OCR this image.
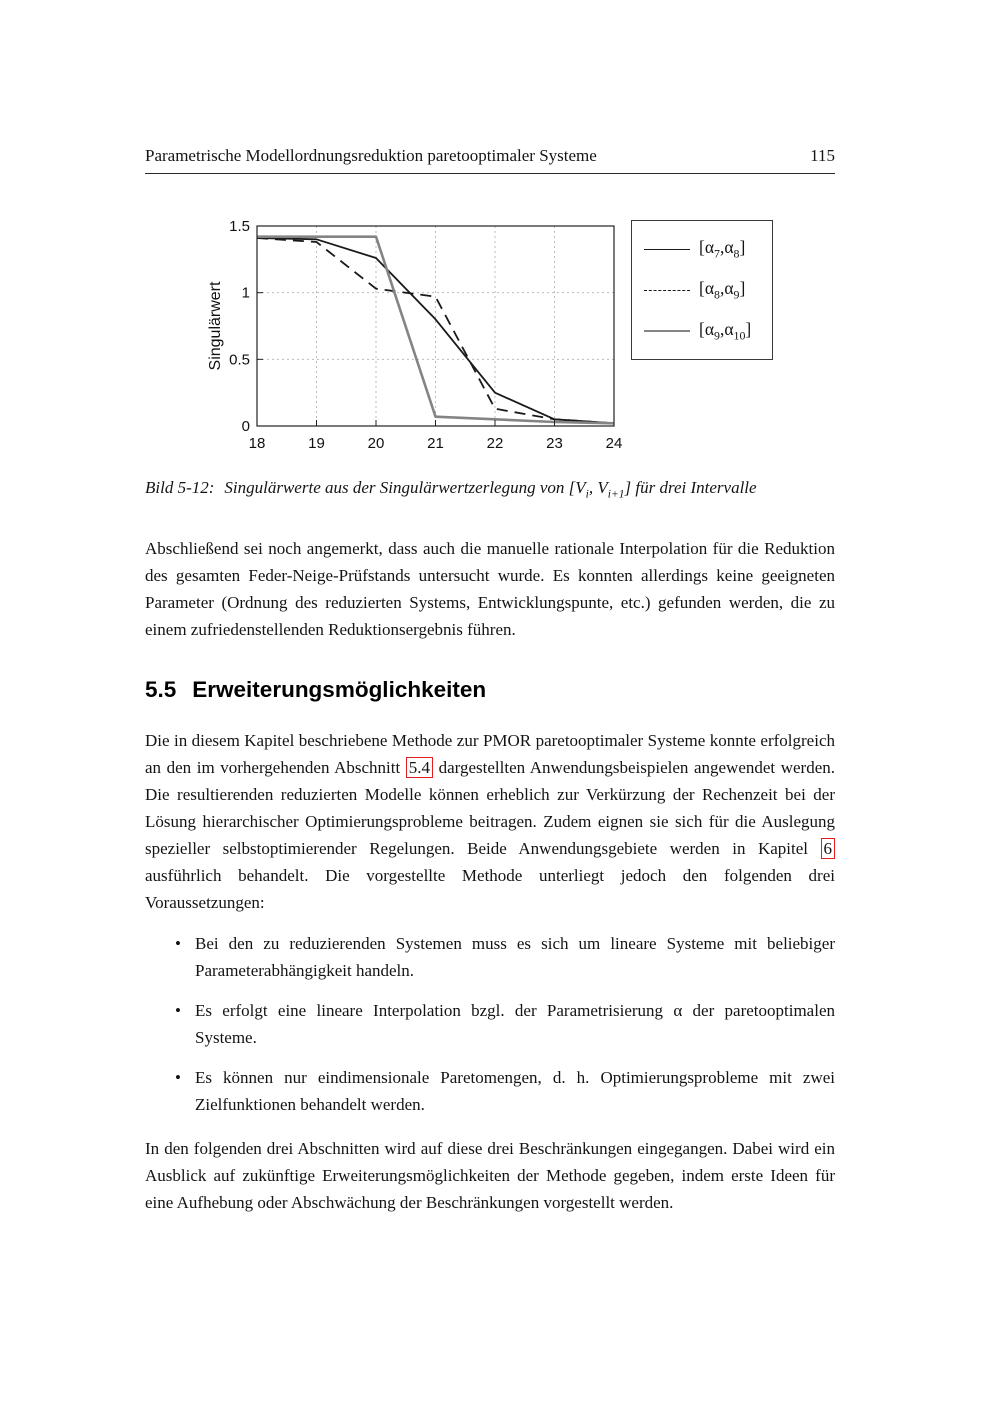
Parametrische Modellordnungsreduktion paretooptimaler Systeme	115
18	19	20	21	22	23	24
0
0.5
1
1.5
Singulärwert
$[\alpha_7,\alpha_8]$
$[\alpha_8,\alpha_9]$
$[\alpha_9,\alpha_{10}]$
Bild 5-12: Singulärwerte aus der Singulärwertzerlegung von [$V_i$, $V_{i+1}$] für drei Intervalle

Abschließend sei noch angemerkt, dass auch die manuelle rationale Interpolation für die Reduktion des gesamten Feder-Neige-Prüfstands untersucht wurde. Es konnten allerdings keine geeigneten Parameter (Ordnung des reduzierten Systems, Entwicklungspunte, etc.) gefunden werden, die zu einem zufriedenstellenden Reduktionsergebnis führen.

5.5 Erweiterungsmöglichkeiten

Die in diesem Kapitel beschriebene Methode zur PMOR paretooptimaler Systeme konnte erfolgreich an den im vorhergehenden Abschnitt 5.4 dargestellten Anwendungsbeispielen angewendet werden. Die resultierenden reduzierten Modelle können erheblich zur Verkürzung der Rechenzeit bei der Lösung hierarchischer Optimierungsprobleme beitragen. Zudem eignen sie sich für die Auslegung spezieller selbstoptimierender Regelungen. Beide Anwendungsgebiete werden in Kapitel 6 ausführlich behandelt. Die vorgestellte Methode unterliegt jedoch den folgenden drei Voraussetzungen:

• Bei den zu reduzierenden Systemen muss es sich um lineare Systeme mit beliebiger Parameterabhängigkeit handeln.
• Es erfolgt eine lineare Interpolation bzgl. der Parametrisierung α der paretooptimalen Systeme.
• Es können nur eindimensionale Paretomengen, d. h. Optimierungsprobleme mit zwei Zielfunktionen behandelt werden.

In den folgenden drei Abschnitten wird auf diese drei Beschränkungen eingegangen. Dabei wird ein Ausblick auf zukünftige Erweiterungsmöglichkeiten der Methode gegeben, indem erste Ideen für eine Aufhebung oder Abschwächung der Beschränkungen vorgestellt werden.
